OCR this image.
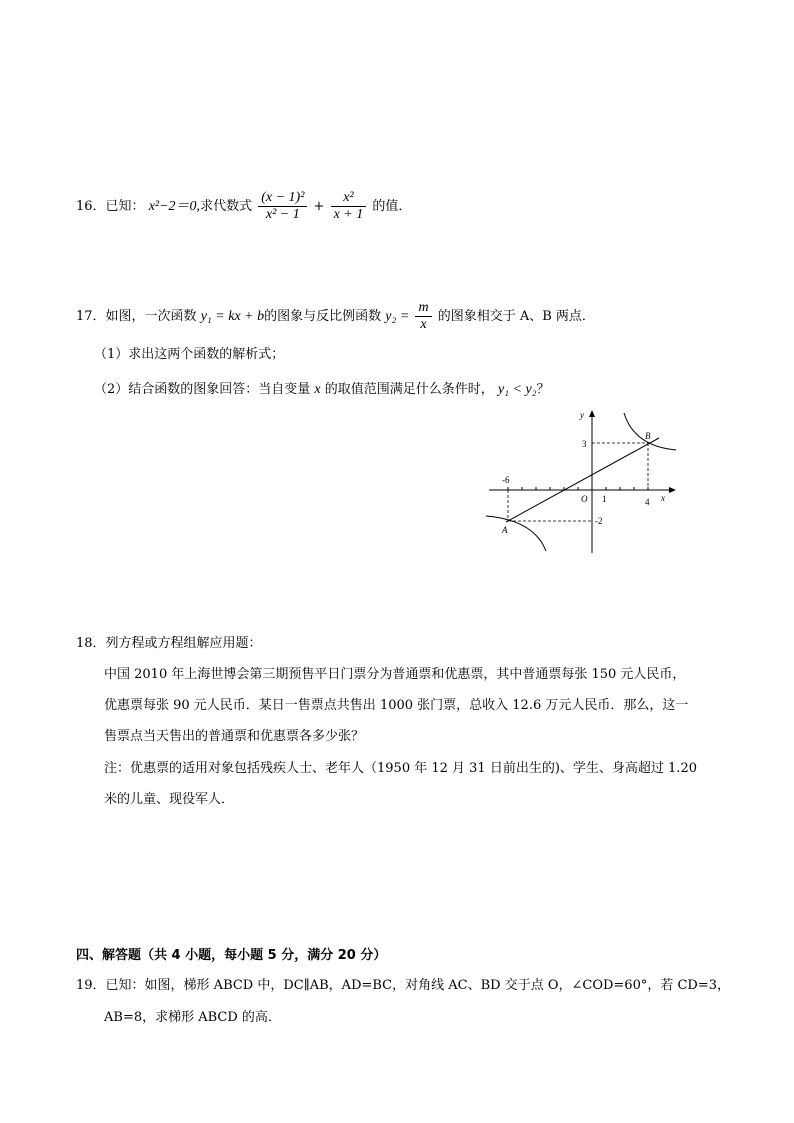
16．已知： x²−2＝0,求代数式 $\frac{\text{(x − 1)²}}{\text{x² − 1}} + \frac{\text{x²}}{x + 1}$ 的值．
17．如图，一次函数 y₁ = kx + b的图象与反比例函数 $y_2 = \frac{m}{x}$ 的图象相交于 A、B 两点．
（1）求出这两个函数的解析式；
（2）结合函数的图象回答：当自变量 x 的取值范围满足什么条件时， y₁ < y₂？
y
x
O
3
1	4
-6
-2
A
B
18．列方程或方程组解应用题：
中国 2010 年上海世博会第三期预售平日门票分为普通票和优惠票，其中普通票每张 150 元人民币，
优惠票每张 90 元人民币．某日一售票点共售出 1000 张门票，总收入 12.6 万元人民币．那么，这一
售票点当天售出的普通票和优惠票各多少张？
注：优惠票的适用对象包括残疾人士、老年人（1950 年 12 月 31 日前出生的)、学生、身高超过 1.20
米的儿童、现役军人．
四、解答题（共 4 小题，每小题 5 分，满分 20 分）
19．已知：如图，梯形 ABCD 中，DC∥AB，AD=BC，对角线 AC、BD 交于点 O，∠COD=60°，若 CD=3，
AB=8，求梯形 ABCD 的高．
